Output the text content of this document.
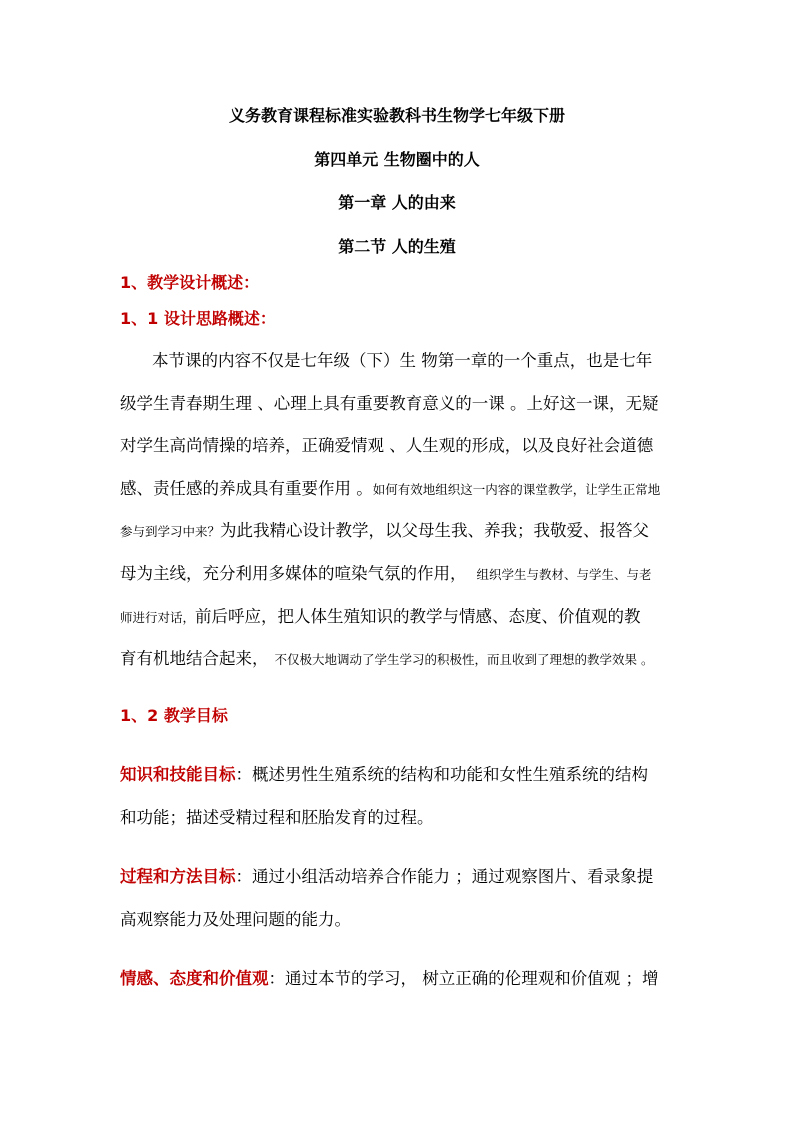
义务教育课程标准实验教科书生物学七年级下册
第四单元 生物圈中的人
第一章 人的由来
第二节 人的生殖
1、教学设计概述：
1、1 设计思路概述：
本节课的内容不仅是七年级（下）生 物第一章的一个重点，也是七年
级学生青春期生理 、心理上具有重要教育意义的一课 。上好这一课，无疑
对学生高尚情操的培养，正确爱情观 、人生观的形成，以及良好社会道德
感、责任感的养成具有重要作用 。如何有效地组织这一内容的课堂教学，让学生正常地
参与到学习中来？为此我精心设计教学，以父母生我、养我；我敬爱、报答父
母为主线，充分利用多媒体的喧染气氛的作用， 组织学生与教材、与学生、与老
师进行对话，前后呼应，把人体生殖知识的教学与情感、态度、价值观的教
育有机地结合起来， 不仅极大地调动了学生学习的积极性，而且收到了理想的教学效果 。
1、2 教学目标
知识和技能目标：概述男性生殖系统的结构和功能和女性生殖系统的结构
和功能；描述受精过程和胚胎发育的过程。
过程和方法目标：通过小组活动培养合作能力 ；通过观察图片、看录象提
高观察能力及处理问题的能力。
情感、态度和价值观：通过本节的学习， 树立正确的伦理观和价值观 ；增
